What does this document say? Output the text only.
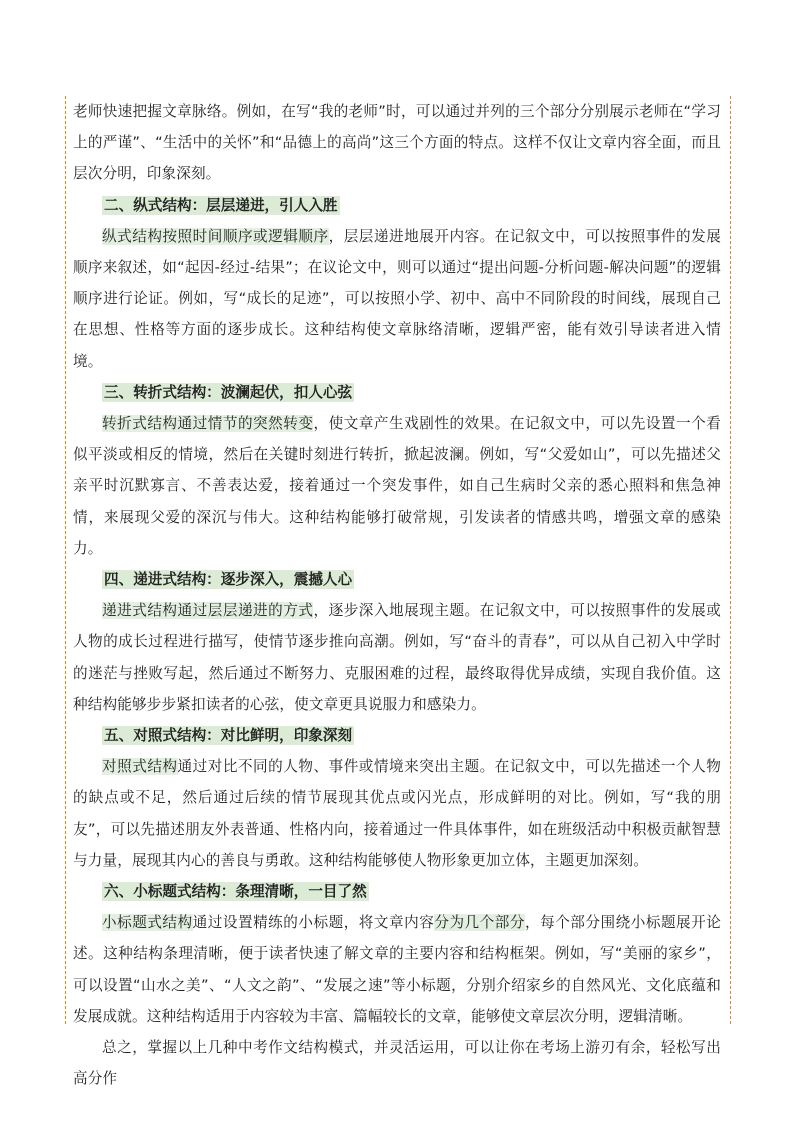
老师快速把握文章脉络。例如，在写“我的老师”时，可以通过并列的三个部分分别展示老师在“学习上的严谨”、“生活中的关怀”和“品德上的高尚”这三个方面的特点。这样不仅让文章内容全面，而且层次分明，印象深刻。

二、纵式结构：层层递进，引人入胜

纵式结构按照时间顺序或逻辑顺序，层层递进地展开内容。在记叙文中，可以按照事件的发展顺序来叙述，如“起因-经过-结果”；在议论文中，则可以通过“提出问题-分析问题-解决问题”的逻辑顺序进行论证。例如，写“成长的足迹”，可以按照小学、初中、高中不同阶段的时间线，展现自己在思想、性格等方面的逐步成长。这种结构使文章脉络清晰，逻辑严密，能有效引导读者进入情境。

三、转折式结构：波澜起伏，扣人心弦

转折式结构通过情节的突然转变，使文章产生戏剧性的效果。在记叙文中，可以先设置一个看似平淡或相反的情境，然后在关键时刻进行转折，掀起波澜。例如，写“父爱如山”，可以先描述父亲平时沉默寡言、不善表达爱，接着通过一个突发事件，如自己生病时父亲的悉心照料和焦急神情，来展现父爱的深沉与伟大。这种结构能够打破常规，引发读者的情感共鸣，增强文章的感染力。

四、递进式结构：逐步深入，震撼人心

递进式结构通过层层递进的方式，逐步深入地展现主题。在记叙文中，可以按照事件的发展或人物的成长过程进行描写，使情节逐步推向高潮。例如，写“奋斗的青春”，可以从自己初入中学时的迷茫与挫败写起，然后通过不断努力、克服困难的过程，最终取得优异成绩，实现自我价值。这种结构能够步步紧扣读者的心弦，使文章更具说服力和感染力。

五、对照式结构：对比鲜明，印象深刻

对照式结构通过对比不同的人物、事件或情境来突出主题。在记叙文中，可以先描述一个人物的缺点或不足，然后通过后续的情节展现其优点或闪光点，形成鲜明的对比。例如，写“我的朋友”，可以先描述朋友外表普通、性格内向，接着通过一件具体事件，如在班级活动中积极贡献智慧与力量，展现其内心的善良与勇敢。这种结构能够使人物形象更加立体，主题更加深刻。

六、小标题式结构：条理清晰，一目了然

小标题式结构通过设置精练的小标题，将文章内容分为几个部分，每个部分围绕小标题展开论述。这种结构条理清晰，便于读者快速了解文章的主要内容和结构框架。例如，写“美丽的家乡”，可以设置“山水之美”、“人文之韵”、“发展之速”等小标题，分别介绍家乡的自然风光、文化底蕴和发展成就。这种结构适用于内容较为丰富、篇幅较长的文章，能够使文章层次分明，逻辑清晰。

总之，掌握以上几种中考作文结构模式，并灵活运用，可以让你在考场上游刃有余，轻松写出高分作
